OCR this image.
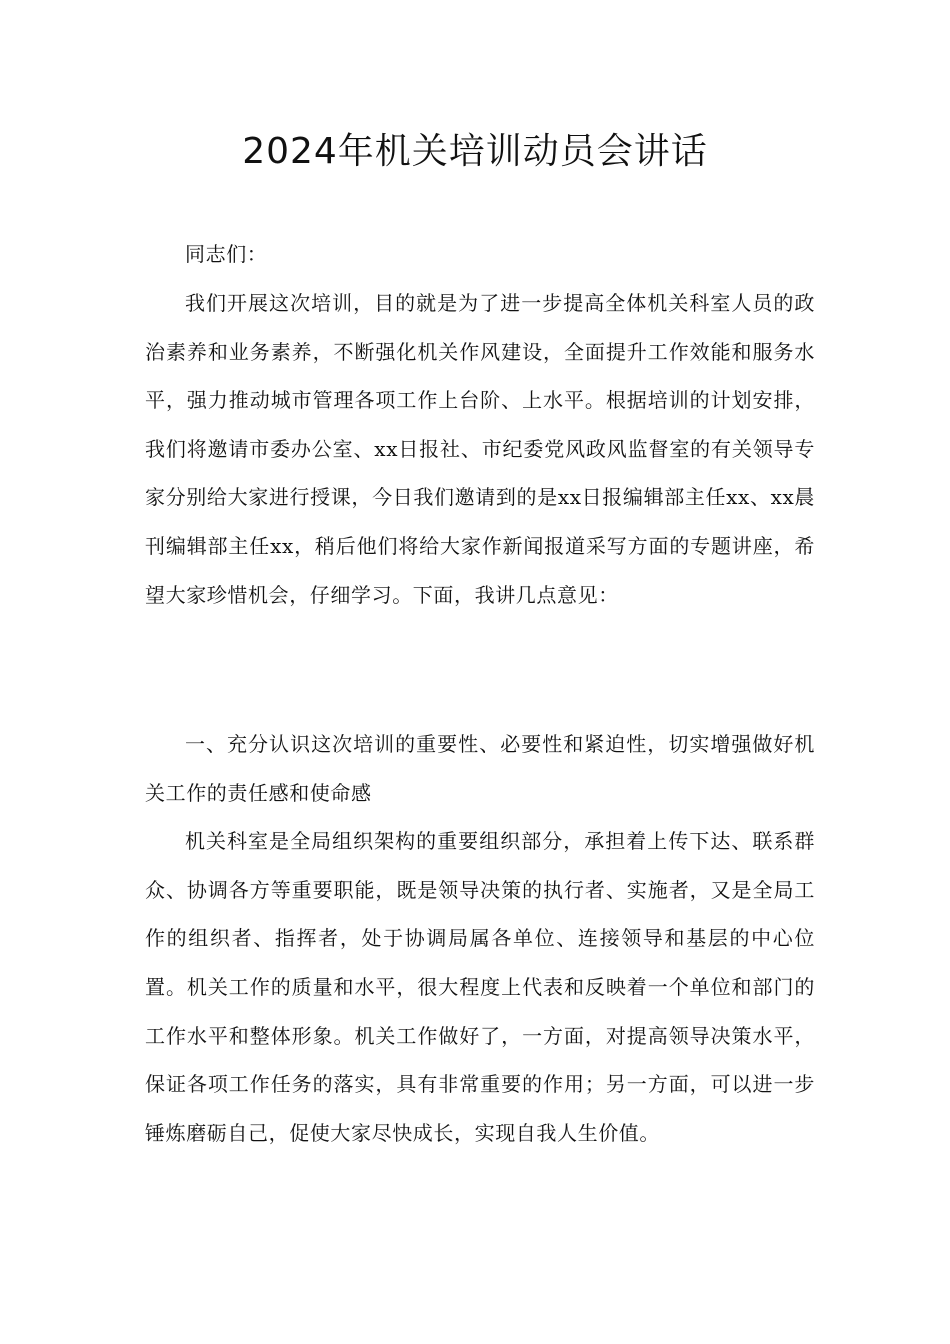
2024年机关培训动员会讲话

同志们：

我们开展这次培训，目的就是为了进一步提高全体机关科室人员的政治素养和业务素养，不断强化机关作风建设，全面提升工作效能和服务水平，强力推动城市管理各项工作上台阶、上水平。根据培训的计划安排，我们将邀请市委办公室、xx日报社、市纪委党风政风监督室的有关领导专家分别给大家进行授课，今日我们邀请到的是xx日报编辑部主任xx、xx晨刊编辑部主任xx，稍后他们将给大家作新闻报道采写方面的专题讲座，希望大家珍惜机会，仔细学习。下面，我讲几点意见：

一、充分认识这次培训的重要性、必要性和紧迫性，切实增强做好机关工作的责任感和使命感

机关科室是全局组织架构的重要组织部分，承担着上传下达、联系群众、协调各方等重要职能，既是领导决策的执行者、实施者，又是全局工作的组织者、指挥者，处于协调局属各单位、连接领导和基层的中心位置。机关工作的质量和水平，很大程度上代表和反映着一个单位和部门的工作水平和整体形象。机关工作做好了，一方面，对提高领导决策水平，保证各项工作任务的落实，具有非常重要的作用；另一方面，可以进一步锤炼磨砺自己，促使大家尽快成长，实现自我人生价值。
